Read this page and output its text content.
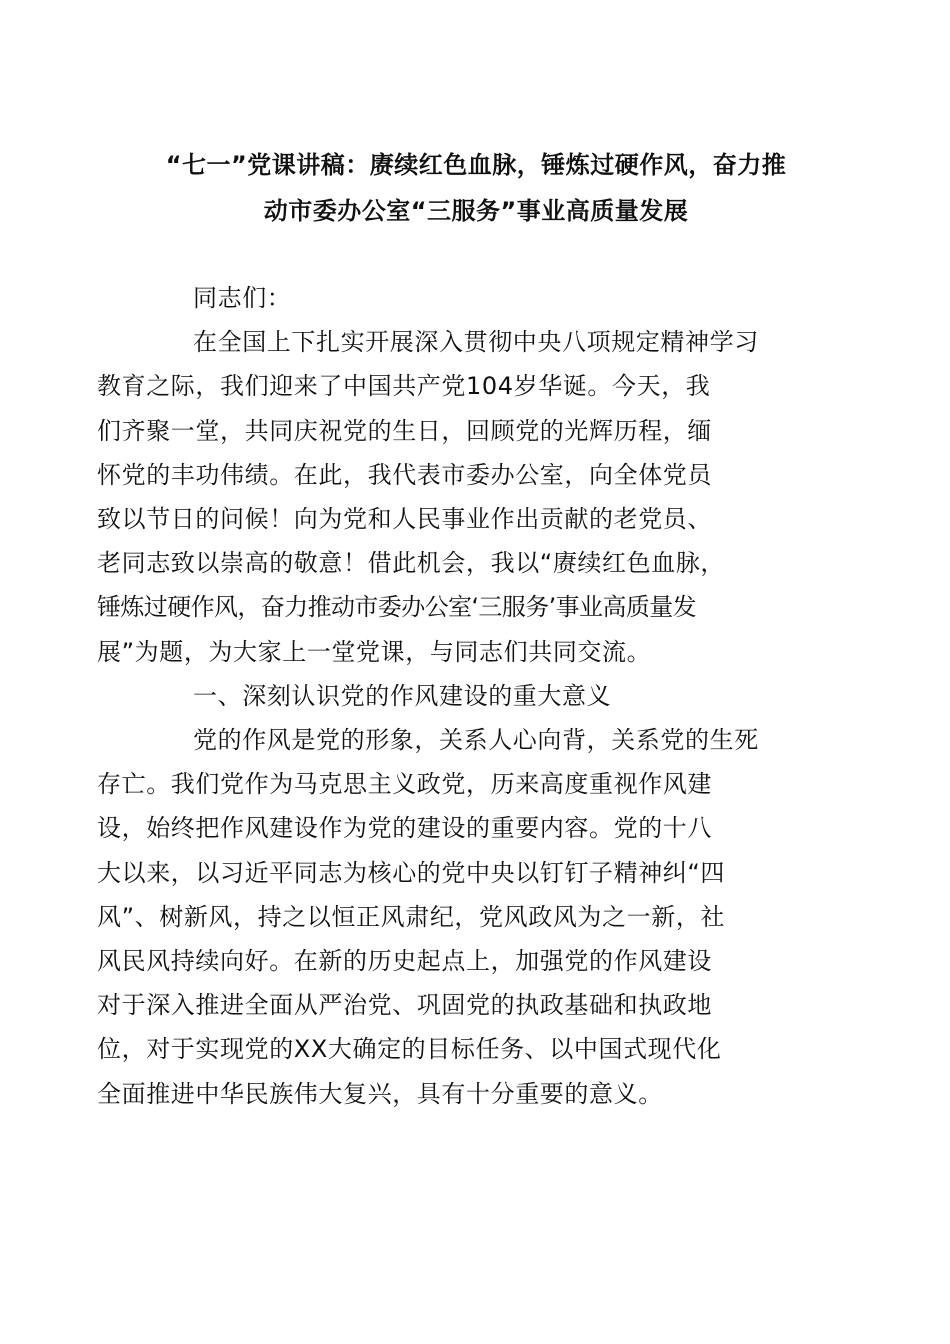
“七一”党课讲稿：赓续红色血脉，锤炼过硬作风，奋力推
动市委办公室“三服务”事业高质量发展

同志们：

在全国上下扎实开展深入贯彻中央八项规定精神学习
教育之际，我们迎来了中国共产党104岁华诞。今天，我
们齐聚一堂，共同庆祝党的生日，回顾党的光辉历程，缅
怀党的丰功伟绩。在此，我代表市委办公室，向全体党员
致以节日的问候！向为党和人民事业作出贡献的老党员、
老同志致以崇高的敬意！借此机会，我以“赓续红色血脉，
锤炼过硬作风，奋力推动市委办公室‘三服务’事业高质量发
展”为题，为大家上一堂党课，与同志们共同交流。

一、深刻认识党的作风建设的重大意义

党的作风是党的形象，关系人心向背，关系党的生死
存亡。我们党作为马克思主义政党，历来高度重视作风建
设，始终把作风建设作为党的建设的重要内容。党的十八
大以来，以习近平同志为核心的党中央以钉钉子精神纠“四
风”、树新风，持之以恒正风肃纪，党风政风为之一新，社
风民风持续向好。在新的历史起点上，加强党的作风建设
对于深入推进全面从严治党、巩固党的执政基础和执政地
位，对于实现党的XX大确定的目标任务、以中国式现代化
全面推进中华民族伟大复兴，具有十分重要的意义。
